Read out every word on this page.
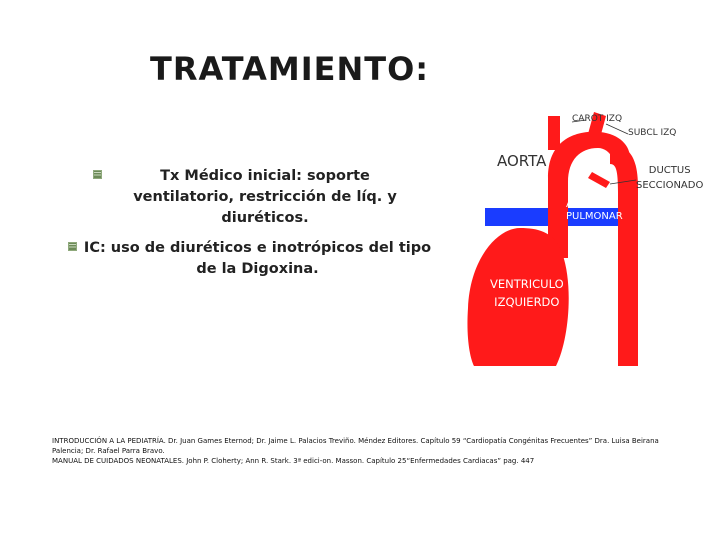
TRATAMIENTO:
Tx Médico inicial: soporte ventilatorio, restricción de líq. y diuréticos.
IC: uso de diuréticos e inotrópicos del tipo de la Digoxina.
AORTA
CAROT IZQ
SUBCL IZQ
DUCTUS
SECCIONADO
ART
PULMONAR
VENTRICULO
IZQUIERDO
INTRODUCCIÓN A LA PEDIATRÍA. Dr. Juan Games Eternod; Dr. Jaime L. Palacios Treviño. Méndez Editores. Capítulo 59 “Cardiopatía Congénitas Frecuentes” Dra. Luisa Beirana Palencia; Dr. Rafael Parra Bravo.
MANUAL DE CUIDADOS NEONATALES. John P. Cloherty; Ann R. Stark. 3ª edici-on. Masson. Capítulo 25“Enfermedades Cardiacas” pag. 447
